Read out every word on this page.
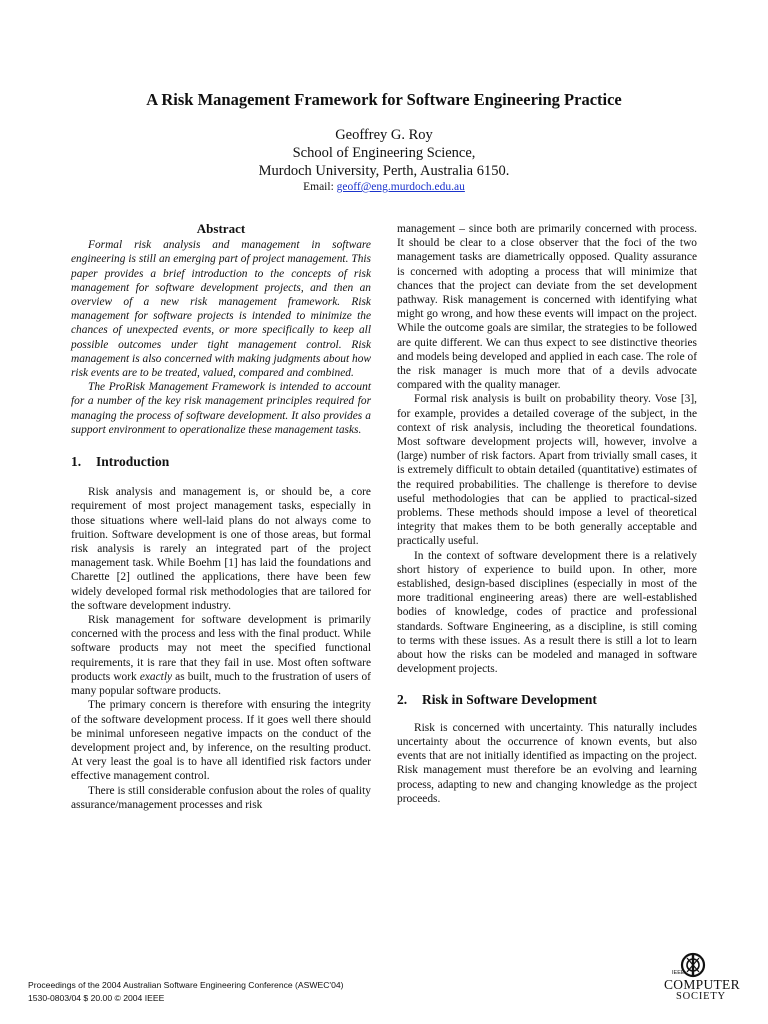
A Risk Management Framework for Software Engineering Practice
Geoffrey G. Roy
School of Engineering Science,
Murdoch University, Perth, Australia 6150.
Email: geoff@eng.murdoch.edu.au
Abstract

Formal risk analysis and management in software engineering is still an emerging part of project management. This paper provides a brief introduction to the concepts of risk management for software development projects, and then an overview of a new risk management framework. Risk management for software projects is intended to minimize the chances of unexpected events, or more specifically to keep all possible outcomes under tight management control. Risk management is also concerned with making judgments about how risk events are to be treated, valued, compared and combined.

The ProRisk Management Framework is intended to account for a number of the key risk management principles required for managing the process of software development. It also provides a support environment to operationalize these management tasks.

1. Introduction

Risk analysis and management is, or should be, a core requirement of most project management tasks, especially in those situations where well-laid plans do not always come to fruition. Software development is one of those areas, but formal risk analysis is rarely an integrated part of the project management task. While Boehm [1] has laid the foundations and Charette [2] outlined the applications, there have been few widely developed formal risk methodologies that are tailored for the software development industry.

Risk management for software development is primarily concerned with the process and less with the final product. While software products may not meet the specified functional requirements, it is rare that they fail in use. Most often software products work exactly as built, much to the frustration of users of many popular software products.

The primary concern is therefore with ensuring the integrity of the software development process. If it goes well there should be minimal unforeseen negative impacts on the conduct of the development project and, by inference, on the resulting product. At very least the goal is to have all identified risk factors under effective management control.

There is still considerable confusion about the roles of quality assurance/management processes and risk

management – since both are primarily concerned with process. It should be clear to a close observer that the foci of the two management tasks are diametrically opposed. Quality assurance is concerned with adopting a process that will minimize that chances that the project can deviate from the set development pathway. Risk management is concerned with identifying what might go wrong, and how these events will impact on the project. While the outcome goals are similar, the strategies to be followed are quite different. We can thus expect to see distinctive theories and models being developed and applied in each case. The role of the risk manager is much more that of a devils advocate compared with the quality manager.

Formal risk analysis is built on probability theory. Vose [3], for example, provides a detailed coverage of the subject, in the context of risk analysis, including the theoretical foundations. Most software development projects will, however, involve a (large) number of risk factors. Apart from trivially small cases, it is extremely difficult to obtain detailed (quantitative) estimates of the required probabilities. The challenge is therefore to devise useful methodologies that can be applied to practical-sized problems. These methods should impose a level of theoretical integrity that makes them to be both generally acceptable and practically useful.

In the context of software development there is a relatively short history of experience to build upon. In other, more established, design-based disciplines (especially in most of the more traditional engineering areas) there are well-established bodies of knowledge, codes of practice and professional standards. Software Engineering, as a discipline, is still coming to terms with these issues. As a result there is still a lot to learn about how the risks can be modeled and managed in software development projects.

2. Risk in Software Development

Risk is concerned with uncertainty. This naturally includes uncertainty about the occurrence of known events, but also events that are not initially identified as impacting on the project. Risk management must therefore be an evolving and learning process, adapting to new and changing knowledge as the project proceeds.

Proceedings of the 2004 Australian Software Engineering Conference (ASWEC'04)
1530-0803/04 $ 20.00 © 2004 IEEE
IEEE
COMPUTER
SOCIETY
